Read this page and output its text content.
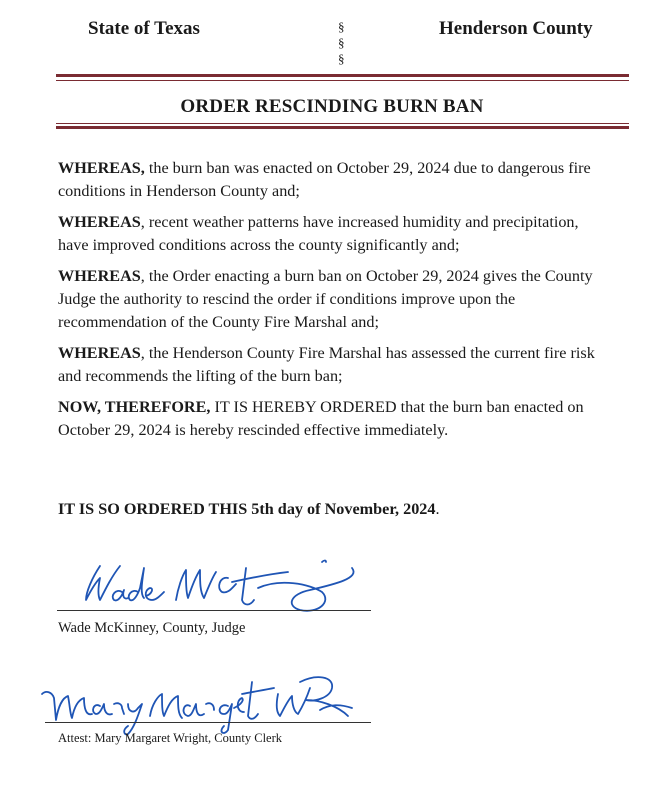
State of Texas	§
§
§
Henderson County
ORDER RESCINDING BURN BAN
WHEREAS, the burn ban was enacted on October 29, 2024 due to dangerous fire
conditions in Henderson County and;
WHEREAS, recent weather patterns have increased humidity and precipitation,
have improved conditions across the county significantly and;
WHEREAS, the Order enacting a burn ban on October 29, 2024 gives the County
Judge the authority to rescind the order if conditions improve upon the
recommendation of the County Fire Marshal and;
WHEREAS, the Henderson County Fire Marshal has assessed the current fire risk
and recommends the lifting of the burn ban;
NOW, THEREFORE, IT IS HEREBY ORDERED that the burn ban enacted on
October 29, 2024 is hereby rescinded effective immediately.
IT IS SO ORDERED THIS 5th day of November, 2024.
Wade McKinney, County, Judge
Attest: Mary Margaret Wright, County Clerk
